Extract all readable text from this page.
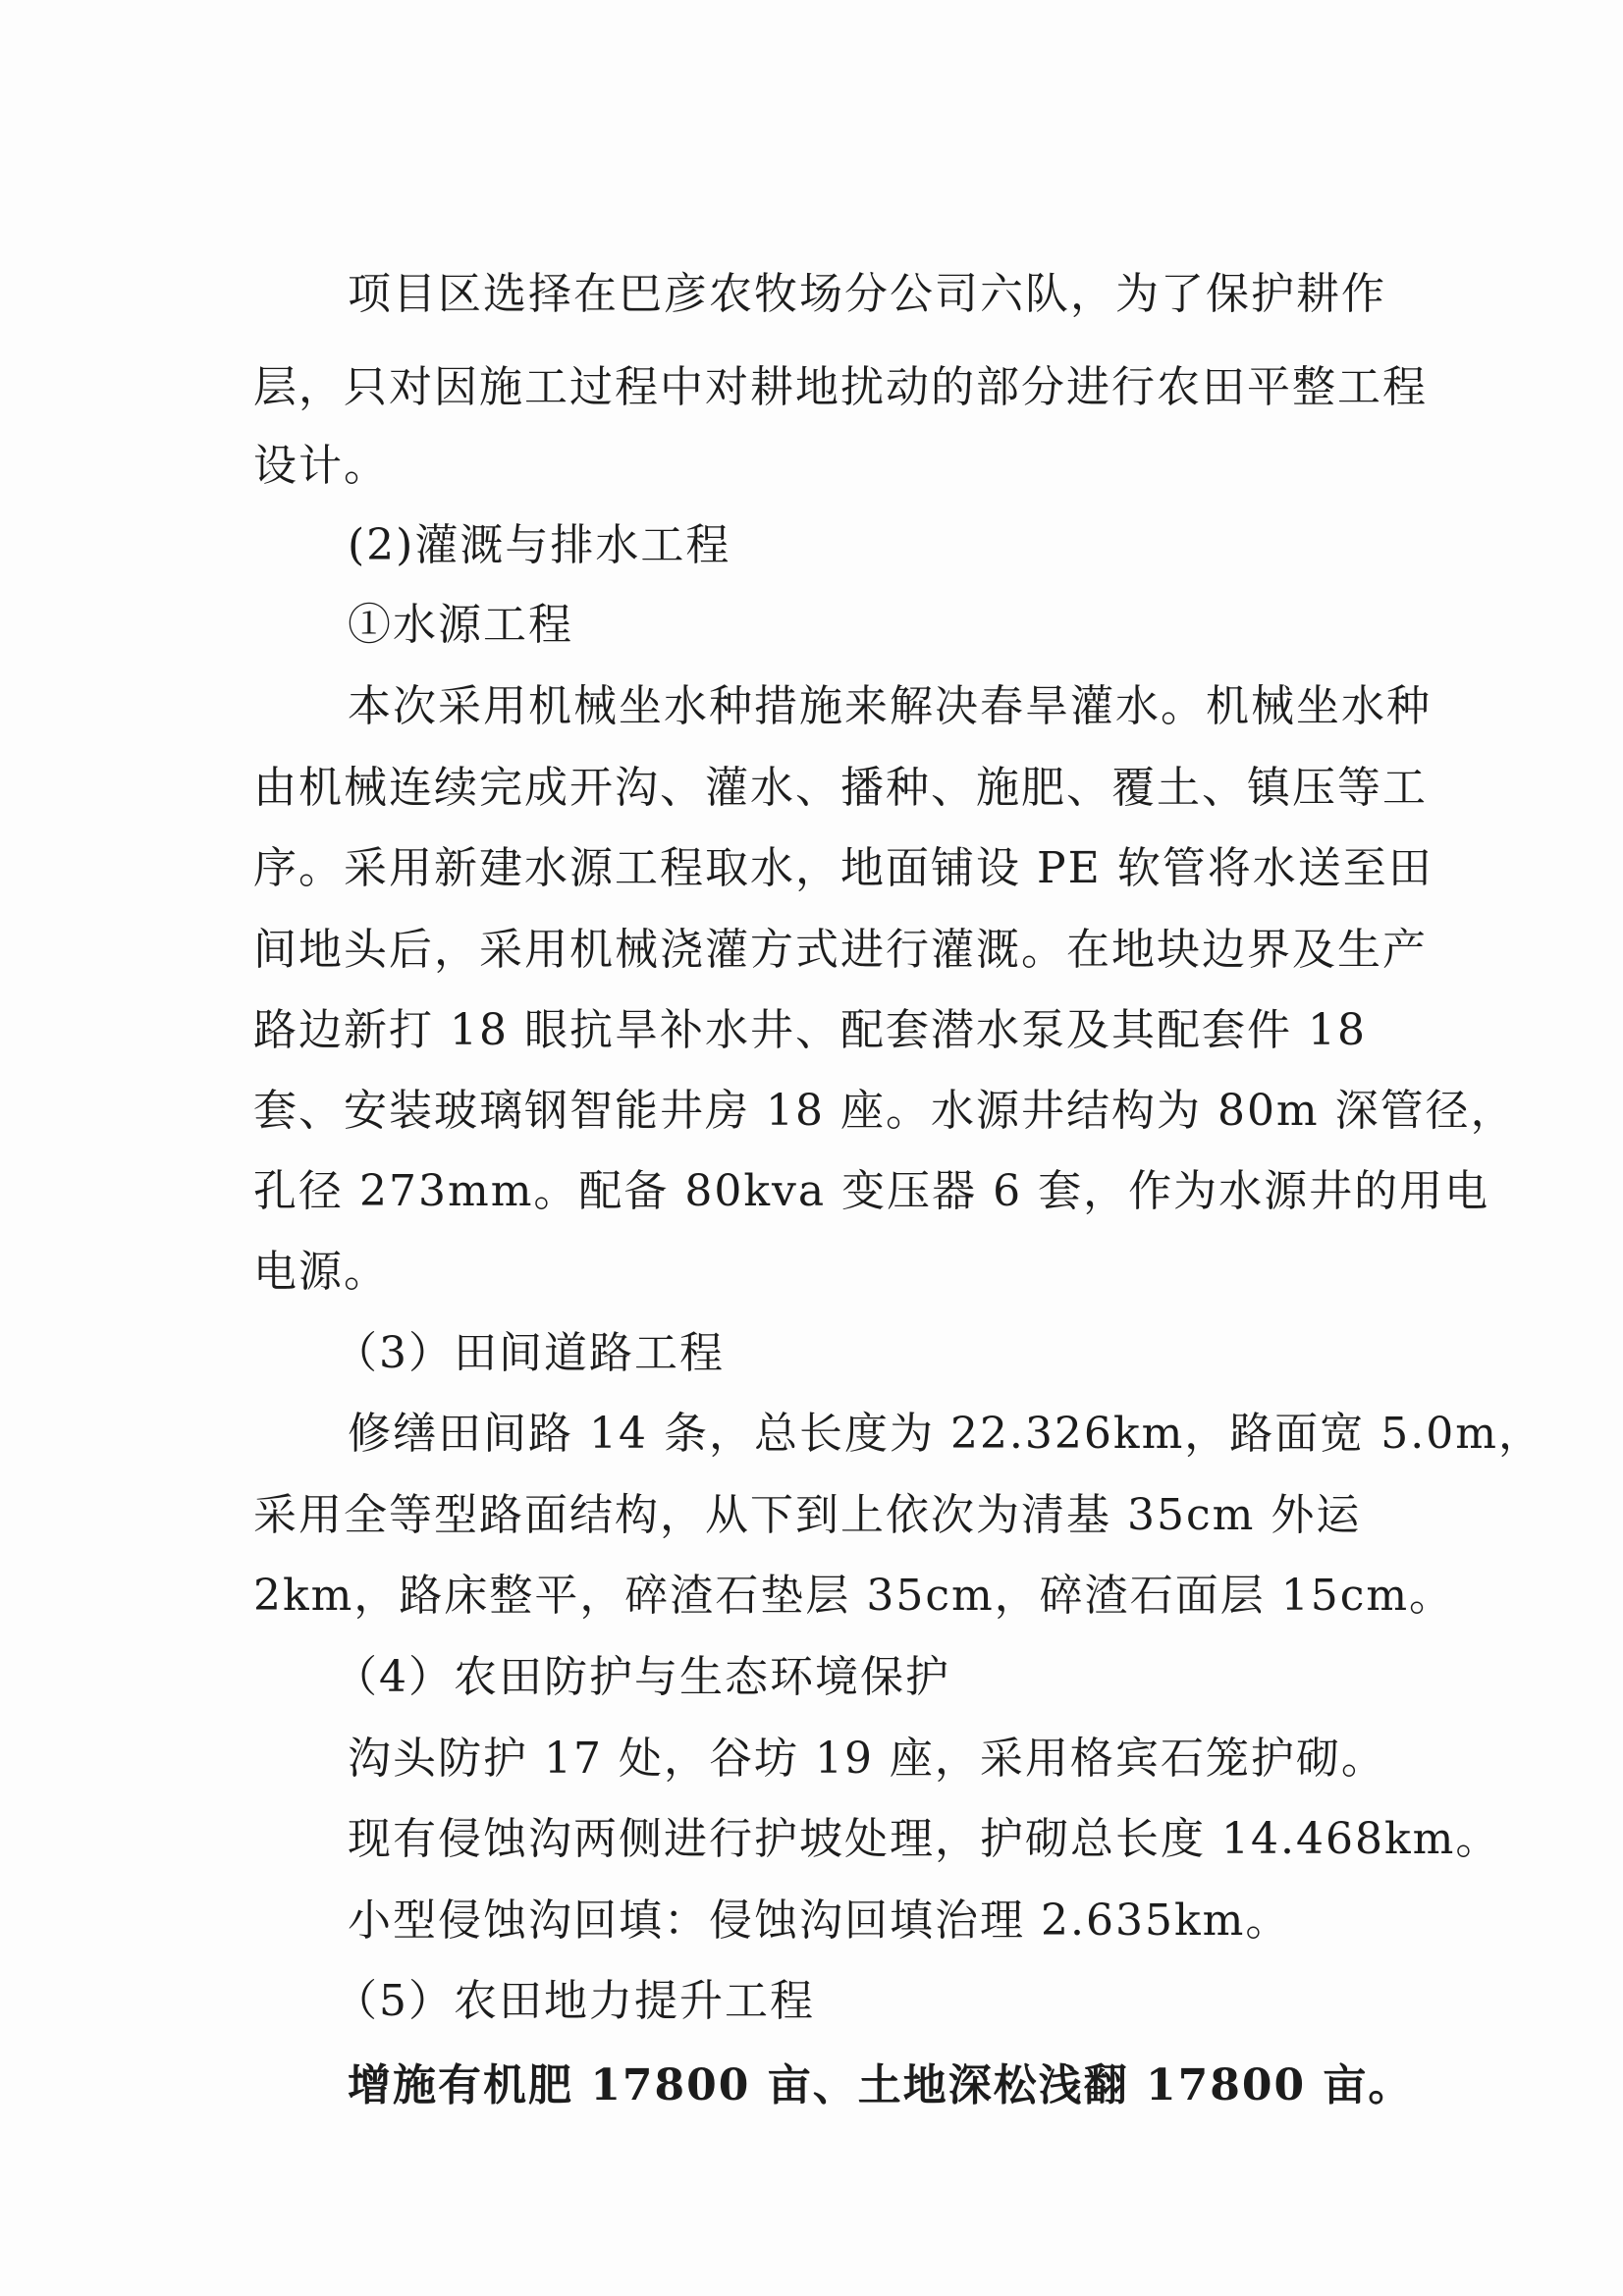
项目区选择在巴彦农牧场分公司六队，为了保护耕作
层，只对因施工过程中对耕地扰动的部分进行农田平整工程
设计。
(2)灌溉与排水工程
①水源工程
本次采用机械坐水种措施来解决春旱灌水。机械坐水种
由机械连续完成开沟、灌水、播种、施肥、覆土、镇压等工
序。采用新建水源工程取水，地面铺设 PE 软管将水送至田
间地头后，采用机械浇灌方式进行灌溉。在地块边界及生产
路边新打 18 眼抗旱补水井、配套潜水泵及其配套件 18
套、安装玻璃钢智能井房 18 座。水源井结构为 80m 深管径，
孔径 273mm。配备 80kva 变压器 6 套，作为水源井的用电
电源。
（3）田间道路工程
修缮田间路 14 条，总长度为 22.326km，路面宽 5.0m，
采用全等型路面结构，从下到上依次为清基 35cm 外运
2km，路床整平，碎渣石垫层 35cm，碎渣石面层 15cm。
（4）农田防护与生态环境保护
沟头防护 17 处，谷坊 19 座，采用格宾石笼护砌。
现有侵蚀沟两侧进行护坡处理，护砌总长度 14.468km。
小型侵蚀沟回填：侵蚀沟回填治理 2.635km。
（5）农田地力提升工程
增施有机肥 17800 亩、土地深松浅翻 17800 亩。
